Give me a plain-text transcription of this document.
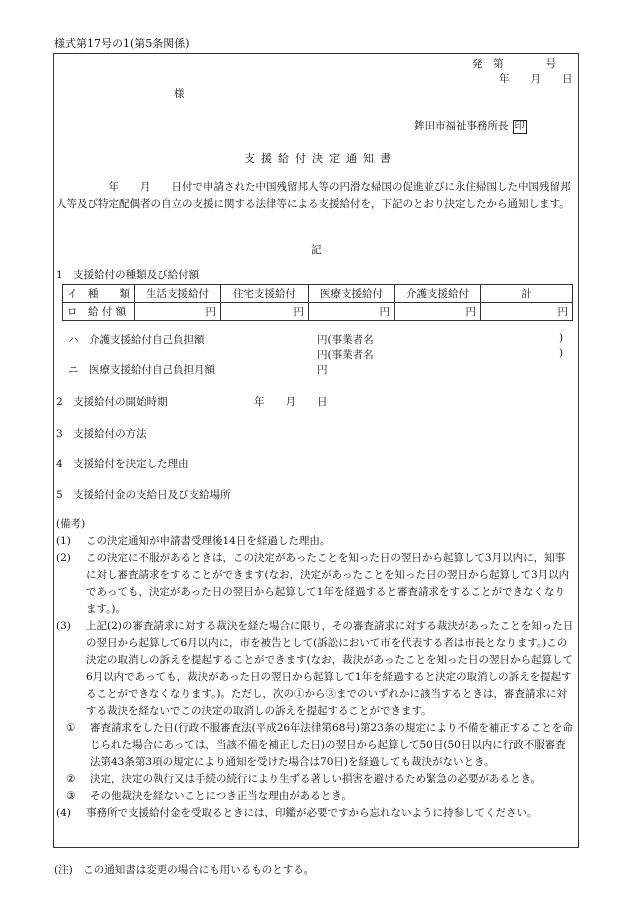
様式第17号の1(第5条関係)
発　第　　　　号
年　　月　　日
様
鉾田市福祉事務所長 印
支援給付決定通知書
年　　月　　日付で申請された中国残留邦人等の円滑な帰国の促進並びに永住帰国した中国残留邦人等及び特定配偶者の自立の支援に関する法律等による支援給付を，下記のとおり決定したから通知します。
記
1　支援給付の種類及び給付額
イ　種　　類	生活支援給付	住宅支援給付	医療支援給付	介護支援給付	計
ロ　給 付 額	円	円	円	円	円
ハ　介護支援給付自己負担額	円(事業者名	)
円(事業者名	)
ニ　医療支援給付自己負担月額	円
2　支援給付の開始時期	年　　月　　日
3　支援給付の方法
4　支援給付を決定した理由
5　支援給付金の支給日及び支給場所
(備考)
(1)	この決定通知が申請書受理後14日を経過した理由。
(2)	この決定に不服があるときは，この決定があったことを知った日の翌日から起算して3月以内に，知事に対し審査請求をすることができます(なお，決定があったことを知った日の翌日から起算して3月以内であっても，決定があった日の翌日から起算して1年を経過すると審査請求をすることができなくなります。)。
(3)	上記(2)の審査請求に対する裁決を経た場合に限り，その審査請求に対する裁決があったことを知った日の翌日から起算して6月以内に，市を被告として(訴訟において市を代表する者は市長となります。)この決定の取消しの訴えを提起することができます(なお，裁決があったことを知った日の翌日から起算して6月以内であっても，裁決があった日の翌日から起算して1年を経過すると決定の取消しの訴えを提起することができなくなります。)。ただし，次の①から③までのいずれかに該当するときは，審査請求に対する裁決を経ないでこの決定の取消しの訴えを提起することができます。
①	審査請求をした日(行政不服審査法(平成26年法律第68号)第23条の規定により不備を補正することを命じられた場合にあっては，当該不備を補正した日)の翌日から起算して50日(50日以内に行政不服審査法第43条第3項の規定により通知を受けた場合は70日)を経過しても裁決がないとき。
②	決定，決定の執行又は手続の続行により生ずる著しい損害を避けるため緊急の必要があるとき。
③	その他裁決を経ないことにつき正当な理由があるとき。
(4)	事務所で支援給付金を受取るときには，印鑑が必要ですから忘れないように持参してください。
(注)　この通知書は変更の場合にも用いるものとする。
